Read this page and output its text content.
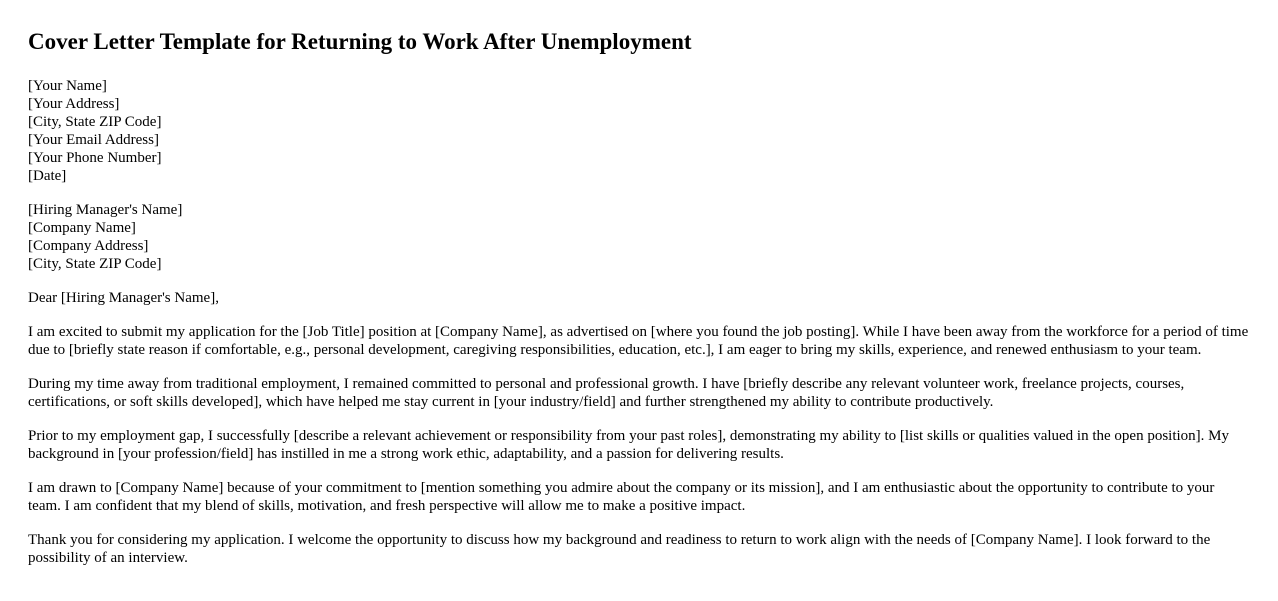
Cover Letter Template for Returning to Work After Unemployment
[Your Name]
[Your Address]
[City, State ZIP Code]
[Your Email Address]
[Your Phone Number]
[Date]
[Hiring Manager's Name]
[Company Name]
[Company Address]
[City, State ZIP Code]

Dear [Hiring Manager's Name],

I am excited to submit my application for the [Job Title] position at [Company Name], as advertised on [where you found the job posting]. While I have been away from the workforce for a period of time due to [briefly state reason if comfortable, e.g., personal development, caregiving responsibilities, education, etc.], I am eager to bring my skills, experience, and renewed enthusiasm to your team.

During my time away from traditional employment, I remained committed to personal and professional growth. I have [briefly describe any relevant volunteer work, freelance projects, courses, certifications, or soft skills developed], which have helped me stay current in [your industry/field] and further strengthened my ability to contribute productively.

Prior to my employment gap, I successfully [describe a relevant achievement or responsibility from your past roles], demonstrating my ability to [list skills or qualities valued in the open position]. My background in [your profession/field] has instilled in me a strong work ethic, adaptability, and a passion for delivering results.

I am drawn to [Company Name] because of your commitment to [mention something you admire about the company or its mission], and I am enthusiastic about the opportunity to contribute to your team. I am confident that my blend of skills, motivation, and fresh perspective will allow me to make a positive impact.

Thank you for considering my application. I welcome the opportunity to discuss how my background and readiness to return to work align with the needs of [Company Name]. I look forward to the possibility of an interview.
